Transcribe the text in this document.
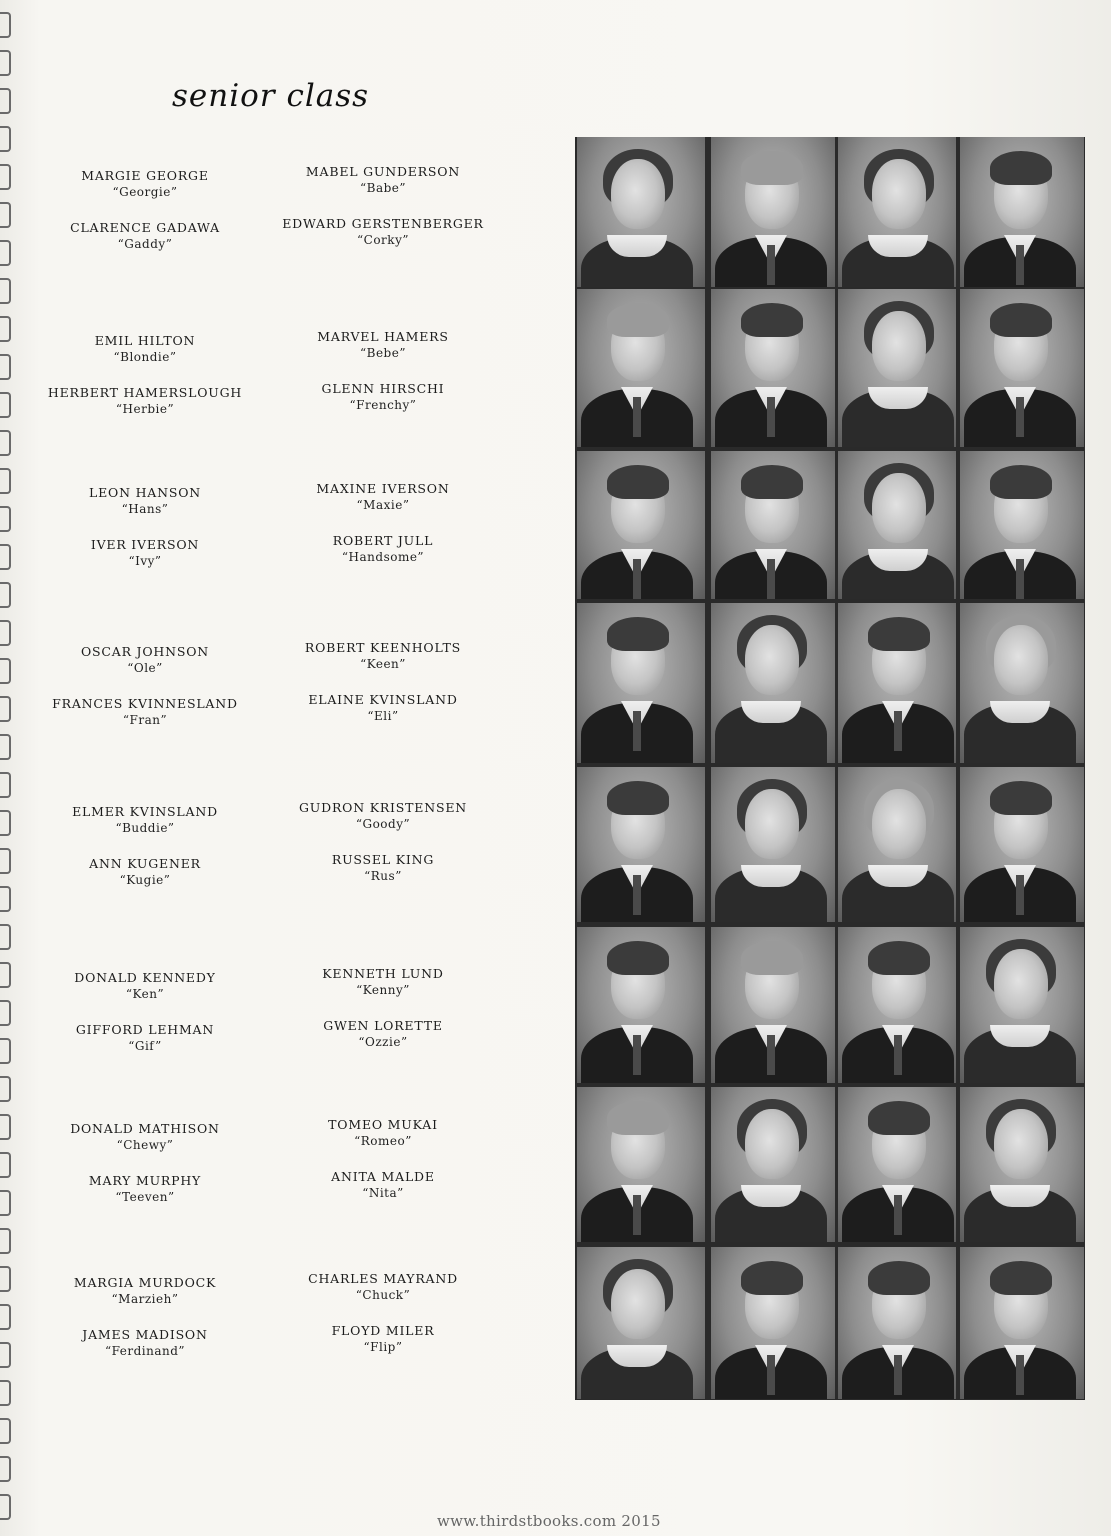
senior class
MARGIE GEORGE
“Georgie”
CLARENCE GADAWA
“Gaddy”
MABEL GUNDERSON
“Babe”
EDWARD GERSTENBERGER
“Corky”
EMIL HILTON
“Blondie”
HERBERT HAMERSLOUGH
“Herbie”
MARVEL HAMERS
“Bebe”
GLENN HIRSCHI
“Frenchy”
LEON HANSON
“Hans”
IVER IVERSON
“Ivy”
MAXINE IVERSON
“Maxie”
ROBERT JULL
“Handsome”
OSCAR JOHNSON
“Ole”
FRANCES KVINNESLAND
“Fran”
ROBERT KEENHOLTS
“Keen”
ELAINE KVINSLAND
“Eli”
ELMER KVINSLAND
“Buddie”
ANN KUGENER
“Kugie”
GUDRON KRISTENSEN
“Goody”
RUSSEL KING
“Rus”
DONALD KENNEDY
“Ken”
GIFFORD LEHMAN
“Gif”
KENNETH LUND
“Kenny”
GWEN LORETTE
“Ozzie”
DONALD MATHISON
“Chewy”
MARY MURPHY
“Teeven”
TOMEO MUKAI
“Romeo”
ANITA MALDE
“Nita”
MARGIA MURDOCK
“Marzieh”
JAMES MADISON
“Ferdinand”
CHARLES MAYRAND
“Chuck”
FLOYD MILER
“Flip”
www.thirdstbooks.com 2015
